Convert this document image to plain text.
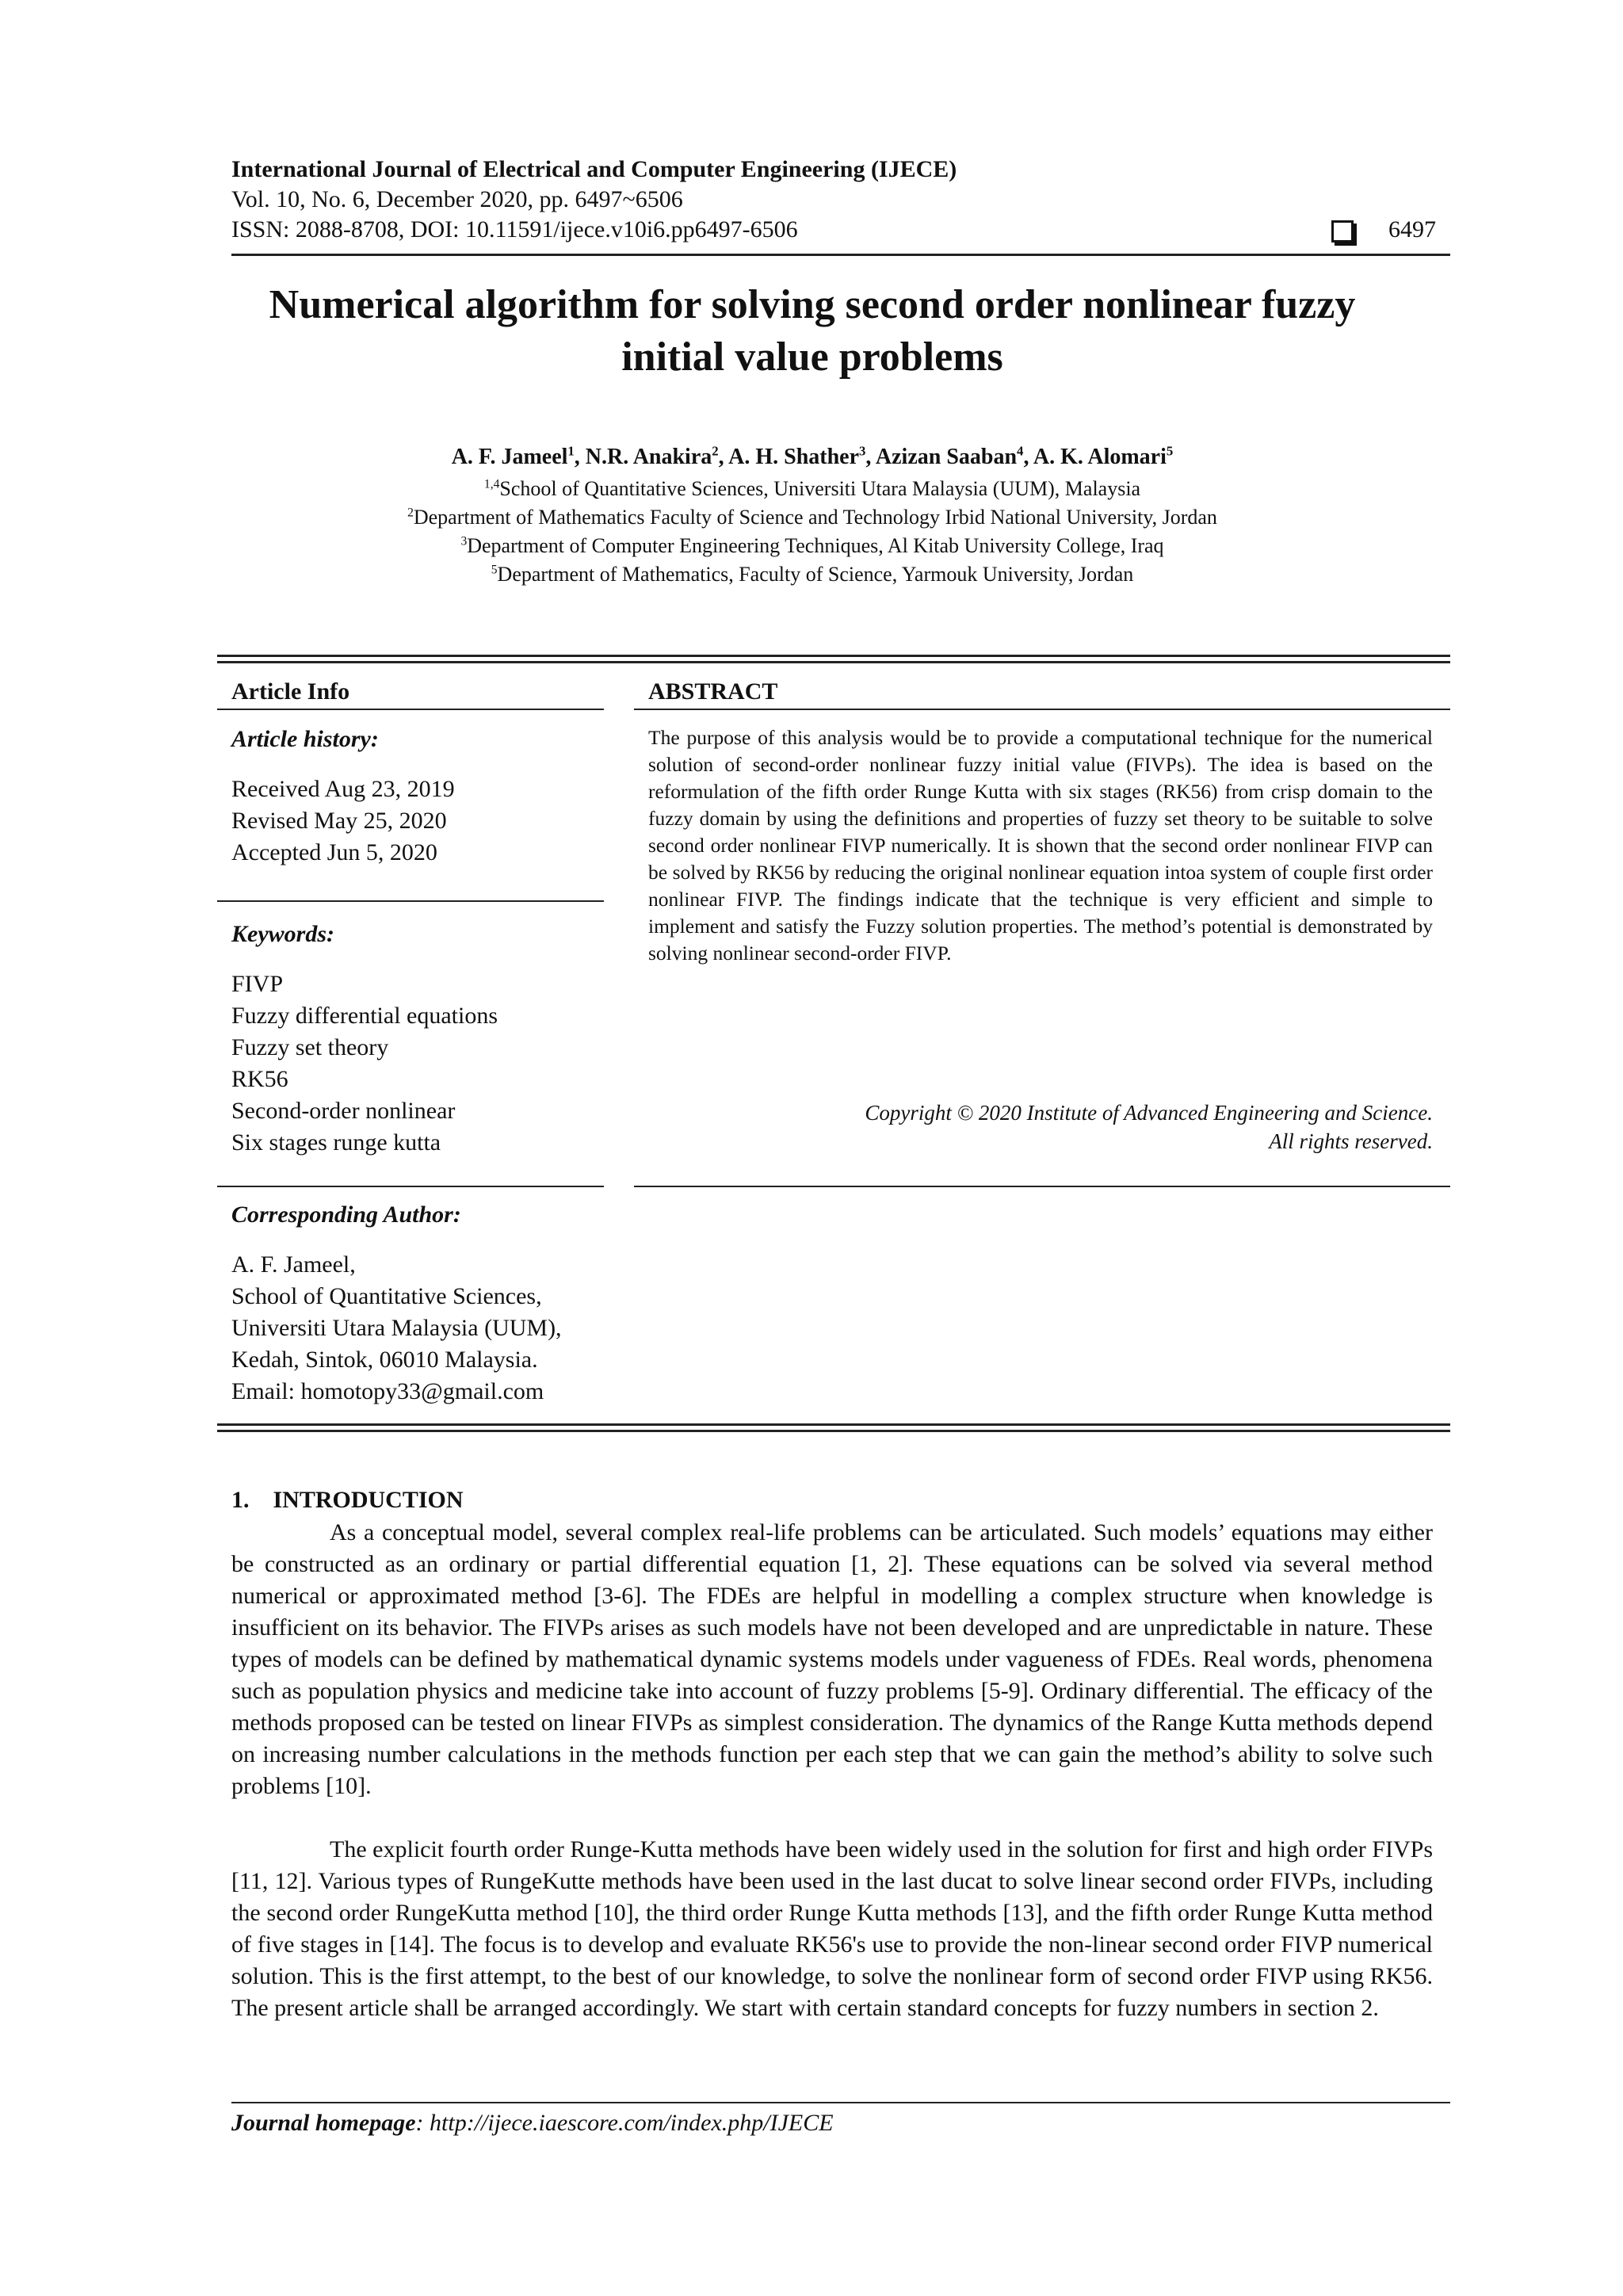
International Journal of Electrical and Computer Engineering (IJECE)
Vol. 10, No. 6, December 2020, pp. 6497~6506
ISSN: 2088-8708, DOI: 10.11591/ijece.v10i6.pp6497-6506	6497
Numerical algorithm for solving second order nonlinear fuzzy
initial value problems
A. F. Jameel$^1$, N.R. Anakira$^2$, A. H. Shather$^3$, Azizan Saaban$^4$, A. K. Alomari$^5$
$^{1,4}$School of Quantitative Sciences, Universiti Utara Malaysia (UUM), Malaysia
$^2$Department of Mathematics Faculty of Science and Technology Irbid National University, Jordan
$^3$Department of Computer Engineering Techniques, Al Kitab University College, Iraq
$^5$Department of Mathematics, Faculty of Science, Yarmouk University, Jordan
Article Info
Article history:
Received Aug 23, 2019
Revised May 25, 2020
Accepted Jun 5, 2020
Keywords:
FIVP
Fuzzy differential equations
Fuzzy set theory
RK56
Second-order nonlinear
Six stages runge kutta
Corresponding Author:
A. F. Jameel,
School of Quantitative Sciences,
Universiti Utara Malaysia (UUM),
Kedah, Sintok, 06010 Malaysia.
Email: homotopy33@gmail.com
ABSTRACT
The purpose of this analysis would be to provide a computational technique for the numerical solution of second-order nonlinear fuzzy initial value (FIVPs). The idea is based on the reformulation of the fifth order Runge Kutta with six stages (RK56) from crisp domain to the fuzzy domain by using the definitions and properties of fuzzy set theory to be suitable to solve second order nonlinear FIVP numerically. It is shown that the second order nonlinear FIVP can be solved by RK56 by reducing the original nonlinear equation intoa system of couple first order nonlinear FIVP. The findings indicate that the technique is very efficient and simple to implement and satisfy the Fuzzy solution properties. The method’s potential is demonstrated by solving nonlinear second-order FIVP.
Copyright © 2020 Institute of Advanced Engineering and Science.
All rights reserved.
1.    INTRODUCTION
As a conceptual model, several complex real-life problems can be articulated. Such models’ equations may either be constructed as an ordinary or partial differential equation [1, 2]. These equations can be solved via several method numerical or approximated method [3-6]. The FDEs are helpful in modelling a complex structure when knowledge is insufficient on its behavior. The FIVPs arises as such models have not been developed and are unpredictable in nature. These types of models can be defined by mathematical dynamic systems models under vagueness of FDEs. Real words, phenomena such as population physics and medicine take into account of fuzzy problems [5-9]. Ordinary differential. The efficacy of the methods proposed can be tested on linear FIVPs as simplest consideration. The dynamics of the Range Kutta methods depend on increasing number calculations in the methods function per each step that we can gain the method’s ability to solve such problems [10].
The explicit fourth order Runge-Kutta methods have been widely used in the solution for first and high order FIVPs [11, 12]. Various types of RungeKutte methods have been used in the last ducat to solve linear second order FIVPs, including the second order RungeKutta method [10], the third order Runge Kutta methods [13], and the fifth order Runge Kutta method of five stages in [14]. The focus is to develop and evaluate RK56's use to provide the non-linear second order FIVP numerical solution. This is the first attempt, to the best of our knowledge, to solve the nonlinear form of second order FIVP using RK56. The present article shall be arranged accordingly. We start with certain standard concepts for fuzzy numbers in section 2.
Journal homepage: http://ijece.iaescore.com/index.php/IJECE
